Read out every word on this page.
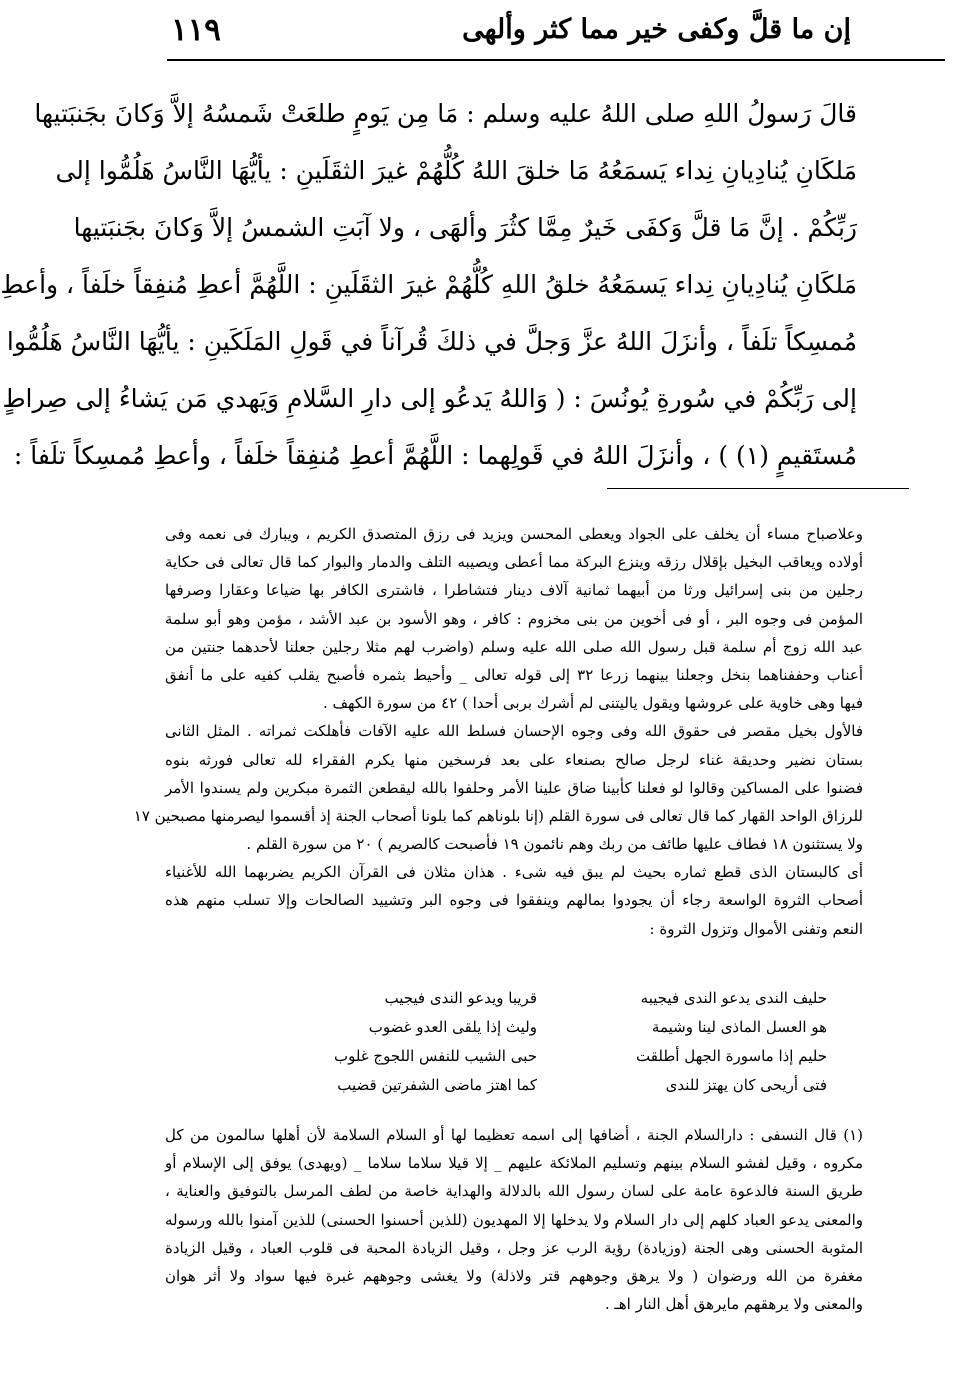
إن ما قلَّ وكفى خير مما كثر وألهى
١١٩
قالَ رَسولُ اللهِ صلى اللهُ عليه وسلم : مَا مِن يَومٍ طلعَتْ شَمسُهُ إلاَّ وَكانَ بجَنبَتيها
مَلكَانِ يُنادِيانِ نِداء يَسمَعُهُ مَا خلقَ اللهُ كُلُّهُمْ غيرَ الثقَلَينِ : يأيُّهَا النَّاسُ هَلُمُّوا إلى
رَبِّكُمْ . إنَّ مَا قلَّ وَكفَى خَيرٌ مِمَّا كثُرَ وألهَى ، ولا آبَتِ الشمسُ إلاَّ وَكانَ بجَنبَتيها
مَلكَانِ يُنادِيانِ نِداء يَسمَعُهُ خلقُ اللهِ كُلُّهُمْ غيرَ الثقَلَينِ : اللَّهُمَّ أعطِ مُنفِقاً خلَفاً ، وأعطِ
مُمسِكاً تلَفاً ، وأنزَلَ اللهُ عزَّ وَجلَّ في ذلكَ قُرآناً في قَولِ المَلَكَينِ : يأيُّهَا النَّاسُ هَلُمُّوا
إلى رَبِّكُمْ في سُورةِ يُونُسَ : ( وَاللهُ يَدعُو إلى دارِ السَّلامِ وَيَهدي مَن يَشاءُ إلى صِراطٍ
مُستَقيمٍ (١) ) ، وأنزَلَ اللهُ في قَولِهما : اللَّهُمَّ أعطِ مُنفِقاً خلَفاً ، وأعطِ مُمسِكاً تلَفاً :
وعلاصباح مساء أن يخلف على الجواد ويعطى المحسن ويزيد فى رزق المتصدق الكريم ، ويبارك فى نعمه وفى
أولاده ويعاقب البخيل بإقلال رزقه وينزع البركة مما أعطى ويصيبه التلف والدمار والبوار كما قال تعالى فى حكاية
رجلين من بنى إسرائيل ورثا من أبيهما ثمانية آلاف دينار فتشاطرا ، فاشترى الكافر بها ضياعا وعقارا وصرفها
المؤمن فى وجوه البر ، أو فى أخوين من بنى مخزوم : كافر ، وهو الأسود بن عبد الأشد ، مؤمن وهو أبو سلمة
عبد الله زوج أم سلمة قبل رسول الله صلى الله عليه وسلم (واضرب لهم مثلا رجلين جعلنا لأحدهما جنتين من
أعناب وحففناهما بنخل وجعلنا بينهما زرعا ٣٢ إلى قوله تعالى _ وأحيط بثمره فأصبح يقلب كفيه على ما أنفق
فيها وهى خاوية على عروشها ويقول ياليتنى لم أشرك بربى أحدا ) ٤٢ من سورة الكهف .
فالأول بخيل مقصر فى حقوق الله وفى وجوه الإحسان فسلط الله عليه الآفات فأهلكت ثمراته . المثل الثانى
بستان نضير وحديقة غناء لرجل صالح بصنعاء على بعد فرسخين منها يكرم الفقراء لله تعالى فورثه بنوه
فضنوا على المساكين وقالوا لو فعلنا كأبينا ضاق علينا الأمر وحلفوا بالله ليقطعن الثمرة مبكرين ولم يسندوا الأمر
للرزاق الواحد القهار كما قال تعالى فى سورة القلم (إنا بلوناهم كما بلونا أصحاب الجنة إذ أقسموا ليصرمنها مصبحين ١٧
ولا يستثنون ١٨ فطاف عليها طائف من ربك وهم نائمون ١٩ فأصبحت كالصريم ) ٢٠ من سورة القلم .
أى كالبستان الذى قطع ثماره بحيث لم يبق فيه شىء . هذان مثلان فى القرآن الكريم يضربهما الله للأغنياء
أصحاب الثروة الواسعة رجاء أن يجودوا بمالهم وينفقوا فى وجوه البر وتشييد الصالحات وإلا تسلب منهم هذه
النعم وتفنى الأموال وتزول الثروة :
حليف الندى يدعو الندى فيجيبه
قريبا ويدعو الندى فيجيب
هو العسل الماذى لينا وشيمة
وليث إذا يلقى العدو غضوب
حليم إذا ماسورة الجهل أطلقت
حبى الشيب للنفس اللجوج غلوب
فتى أريحى كان يهتز للندى
كما اهتز ماضى الشفرتين قضيب
(١) قال النسفى : دارالسلام الجنة ، أضافها إلى اسمه تعظيما لها أو السلام السلامة لأن أهلها سالمون من كل
مكروه ، وقيل لفشو السلام بينهم وتسليم الملائكة عليهم _ إلا قيلا سلاما سلاما _ (ويهدى) يوفق إلى الإسلام أو
طريق السنة فالدعوة عامة على لسان رسول الله بالدلالة والهداية خاصة من لطف المرسل بالتوفيق والعناية ،
والمعنى يدعو العباد كلهم إلى دار السلام ولا يدخلها إلا المهديون (للذين أحسنوا الحسنى) للذين آمنوا بالله ورسوله
المثوبة الحسنى وهى الجنة (وزيادة) رؤية الرب عز وجل ، وقيل الزيادة المحبة فى قلوب العباد ، وقيل الزيادة
مغفرة من الله ورضوان ( ولا يرهق وجوههم قتر ولاذلة) ولا يغشى وجوههم غبرة فيها سواد ولا أثر هوان
والمعنى ولا يرهقهم مايرهق أهل النار اهـ .
